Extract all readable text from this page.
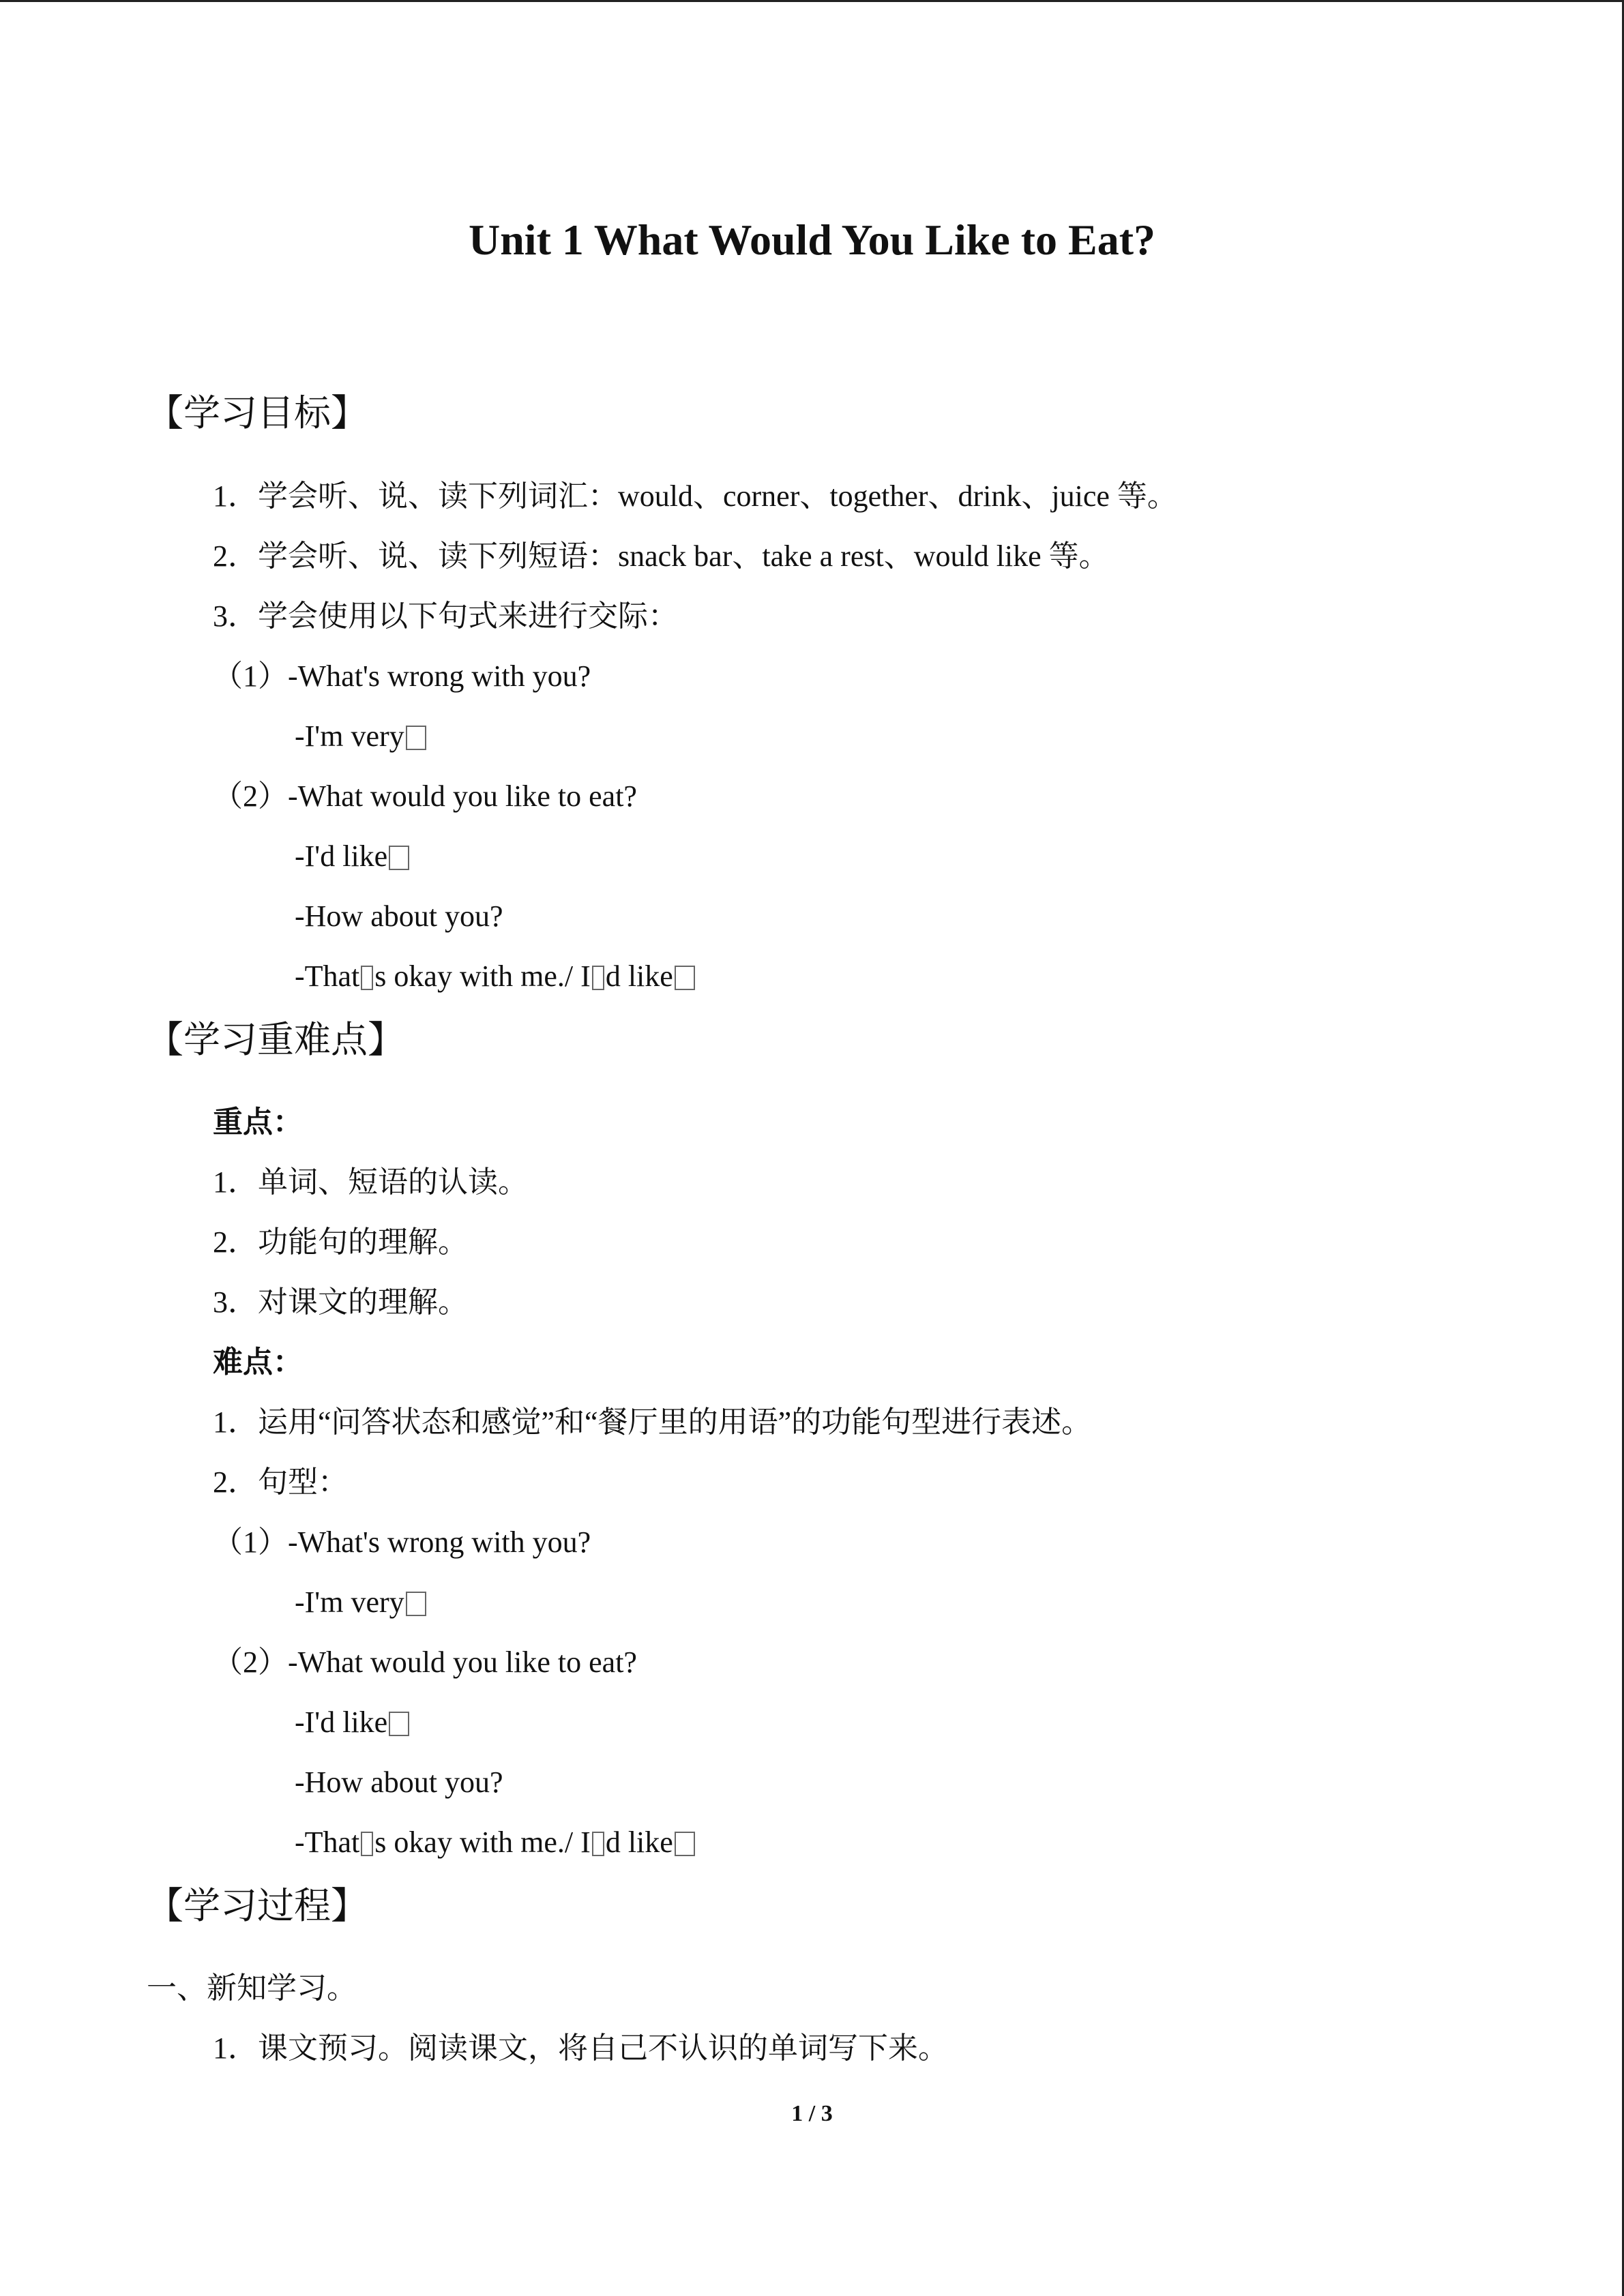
Unit 1 What Would You Like to Eat?
【学习目标】
1．学会听、说、读下列词汇：would、corner、together、drink、juice 等。
2．学会听、说、读下列短语：snack bar、take a rest、would like 等。
3．学会使用以下句式来进行交际：
（1）-What's wrong with you?
-I'm very
（2）-What would you like to eat?
-I'd like
-How about you?
-That s okay with me./ I d like
【学习重难点】
重点：
1．单词、短语的认读。
2．功能句的理解。
3．对课文的理解。
难点：
1．运用“问答状态和感觉”和“餐厅里的用语”的功能句型进行表述。
2．句型：
（1）-What's wrong with you?
-I'm very
（2）-What would you like to eat?
-I'd like
-How about you?
-That s okay with me./ I d like
【学习过程】
一、新知学习。
1．课文预习。阅读课文，将自己不认识的单词写下来。
1 / 3
